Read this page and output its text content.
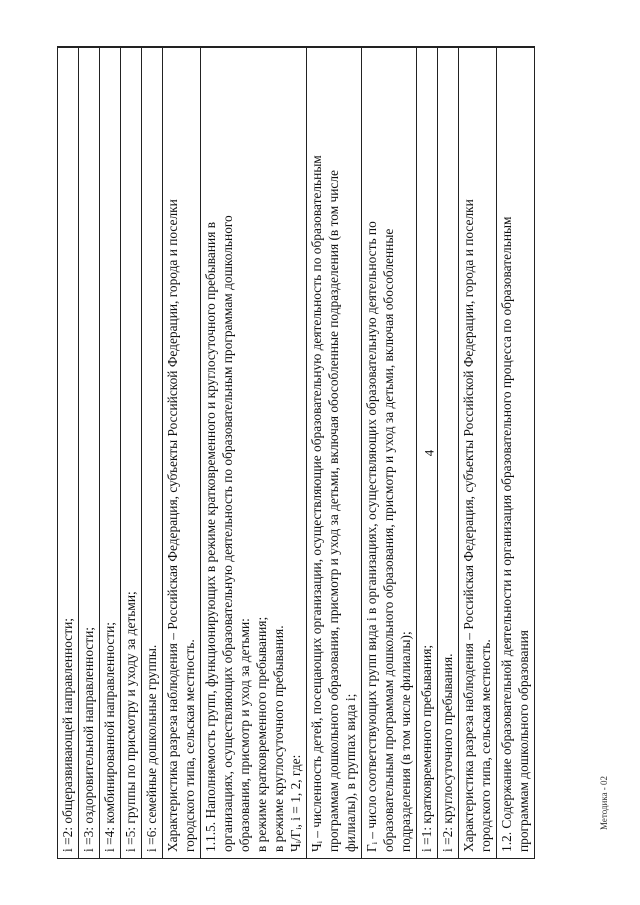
4
Методика - 02
i =2: общеразвивающей направленности;

i =3: оздоровительной направленности;

i =4: комбинированной направленности;

i =5: группы по присмотру и уходу за детьми;

i =6: семейные дошкольные группы.

Характеристика разреза наблюдения – Российская Федерация, субъекты Российской Федерации, города и поселки городского типа, сельская местность.

1.1.5. Наполняемость групп, функционирующих в режиме кратковременного и круглосуточного пребывания в организациях, осуществляющих образовательную деятельность по образовательным программам дошкольного образования, присмотр и уход за детьми: в режиме кратковременного пребывания; в режиме круглосуточного пребывания. Чᵢ/Гᵢ, i = 1, 2, где:

Чᵢ – численность детей, посещающих организации, осуществляющие образовательную деятельность по образовательным программам дошкольного образования, присмотр и уход за детьми, включая обособленные подразделения (в том числе филиалы), в группах вида i;

Гᵢ – число соответствующих групп вида i в организациях, осуществляющих образовательную деятельность по образовательным программам дошкольного образования, присмотр и уход за детьми, включая обособленные подразделения (в том числе филиалы);

i =1: кратковременного пребывания;

i =2: круглосуточного пребывания.

Характеристика разреза наблюдения – Российская Федерация, субъекты Российской Федерации, города и поселки городского типа, сельская местность.

1.2. Содержание образовательной деятельности и организация образовательного процесса по образовательным программам дошкольного образования
